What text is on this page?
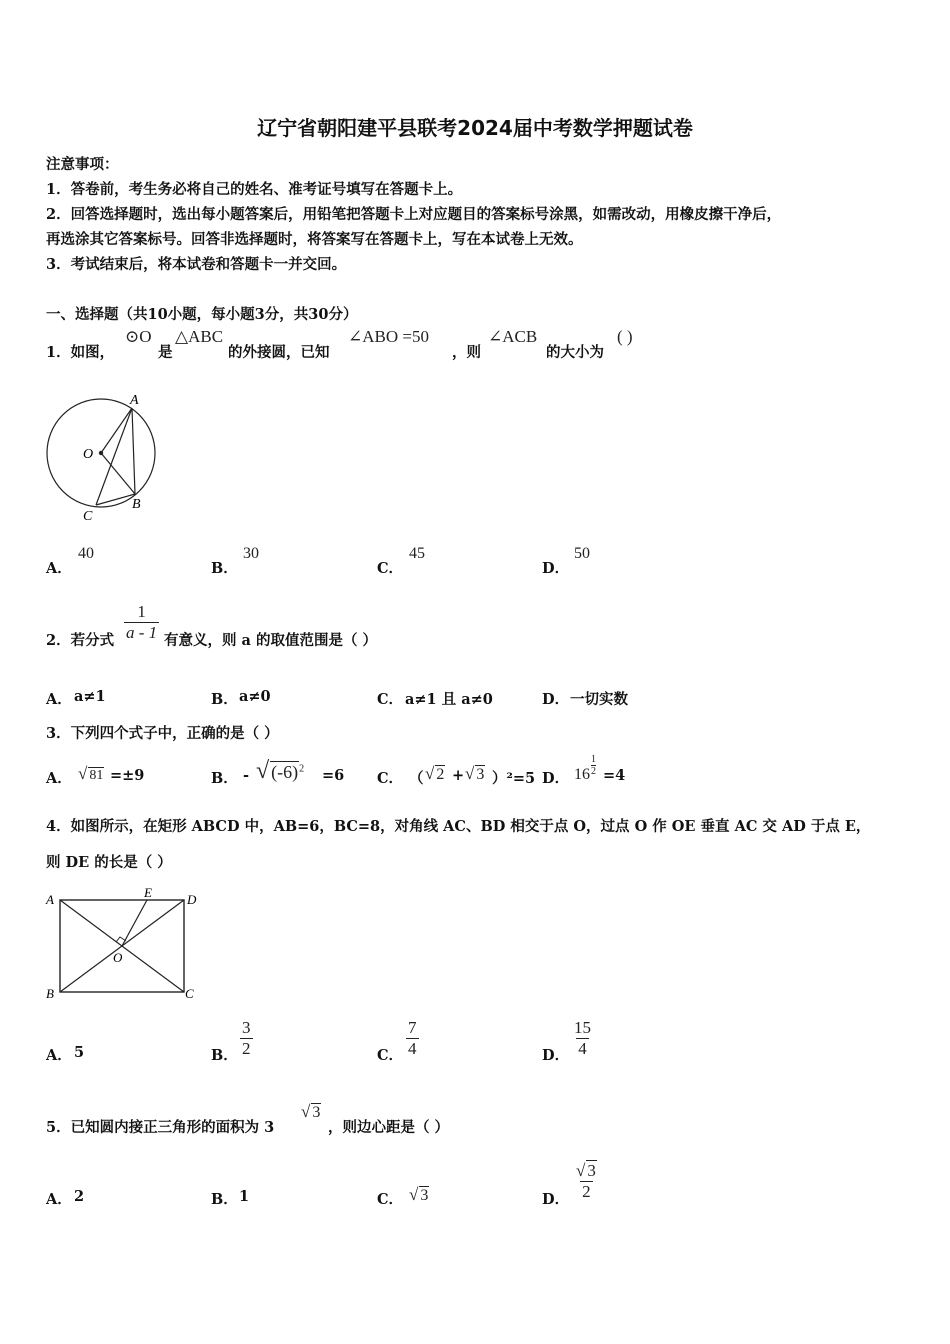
辽宁省朝阳建平县联考2024届中考数学押题试卷
注意事项：
1．答卷前，考生务必将自己的姓名、准考证号填写在答题卡上。
2．回答选择题时，选出每小题答案后，用铅笔把答题卡上对应题目的答案标号涂黑，如需改动，用橡皮擦干净后，
再选涂其它答案标号。回答非选择题时，将答案写在答题卡上，写在本试卷上无效。
3．考试结束后，将本试卷和答题卡一并交回。
一、选择题（共10小题，每小题3分，共30分）
1．如图，
⊙O
是
△ABC
的外接圆，已知
∠ABO =50
，则
∠ACB
的大小为
( )
A
B
C
O
A．
40
B．
30
C．
45
D．
50
2．若分式 $\frac{1}{a - 1}$ 有意义，则 a 的取值范围是（ ）
A． a≠1	B． a≠0	C． a≠1 且 a≠0	D． 一切实数
3．下列四个式子中，正确的是（ ）
A． √ 81 =±9	B． - √ $(-6)^2 =6$ C． （ √ 2 + √ 3 ）²=5 D． $16 \frac{1}{2} =4$
4．如图所示，在矩形 ABCD 中，AB=6，BC=8，对角线 AC、BD 相交于点 O，过点 O 作 OE 垂直 AC 交 AD 于点 E，
则 DE 的长是（ ）
A
B	C
D
E
O
A． 5	B． $\frac{3}{2}$	C． $\frac{7}{4}$	D． $\frac{15}{4}$
5．已知圆内接正三角形的面积为 3
√ 3
，则边心距是（ ）
A． 2	B． 1	C． √ 3	D． $\frac{√ 3}{2}$
